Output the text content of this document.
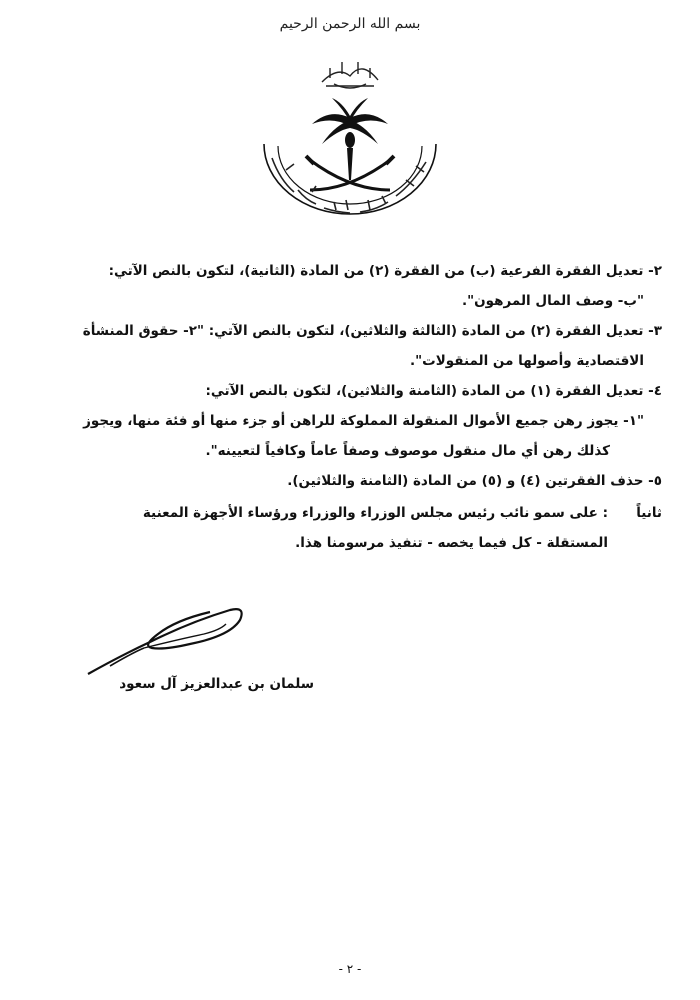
بسم الله الرحمن الرحيم

٢- تعديل الفقرة الفرعية (ب) من الفقرة (٢) من المادة (الثانية)، لتكون بالنص الآتي:

"ب- وصف المال المرهون".

٣- تعديل الفقرة (٢) من المادة (الثالثة والثلاثين)، لتكون بالنص الآتي: "٢- حقوق المنشأة

الاقتصادية وأصولها من المنقولات".

٤- تعديل الفقرة (١) من المادة (الثامنة والثلاثين)، لتكون بالنص الآتي:

"١- يجوز رهن جميع الأموال المنقولة المملوكة للراهن أو جزء منها أو فئة منها، ويجوز

كذلك رهن أي مال منقول موصوف وصفاً عاماً وكافياً لتعيينه".

٥- حذف الفقرتين (٤) و (٥) من المادة (الثامنة والثلاثين).

ثانياً

: على سمو نائب رئيس مجلس الوزراء والوزراء ورؤساء الأجهزة المعنية

المستقلة - كل فيما يخصه - تنفيذ مرسومنا هذا.

سلمان بن عبدالعزيز آل سعود
- ٢ -
